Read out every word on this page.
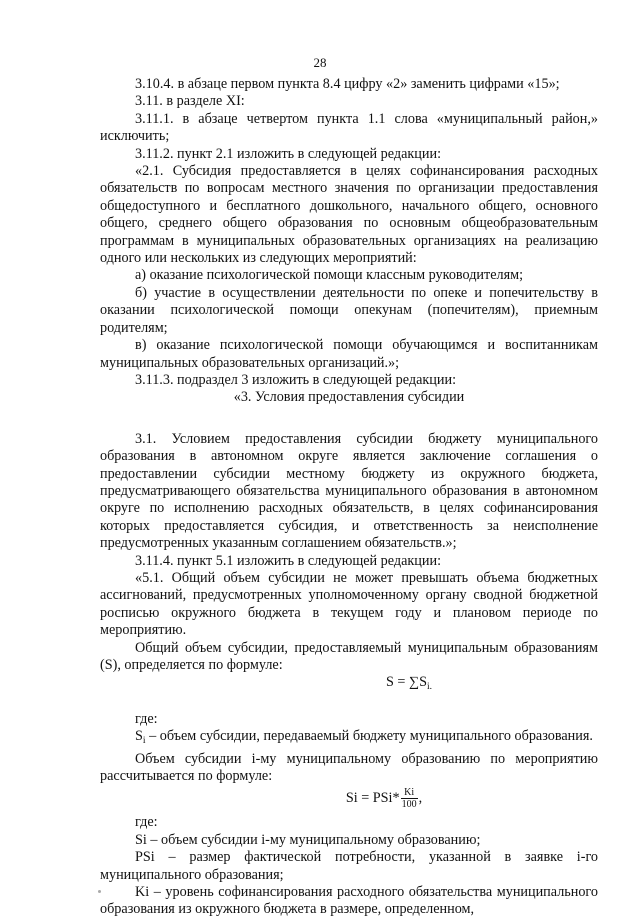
28

3.10.4. в абзаце первом пункта 8.4 цифру «2» заменить цифрами «15»;

3.11. в разделе XI:

3.11.1. в абзаце четвертом пункта 1.1 слова «муниципальный район,» исключить;

3.11.2. пункт 2.1 изложить в следующей редакции:

«2.1. Субсидия предоставляется в целях софинансирования расходных обязательств по вопросам местного значения по организации предоставления общедоступного и бесплатного дошкольного, начального общего, основного общего, среднего общего образования по основным общеобразовательным программам в муниципальных образовательных организациях на реализацию одного или нескольких из следующих мероприятий:

а) оказание психологической помощи классным руководителям;

б) участие в осуществлении деятельности по опеке и попечительству в оказании психологической помощи опекунам (попечителям), приемным родителям;

в) оказание психологической помощи обучающимся и воспитанникам муниципальных образовательных организаций.»;

3.11.3. подраздел 3 изложить в следующей редакции:

«3. Условия предоставления субсидии

3.1. Условием предоставления субсидии бюджету муниципального образования в автономном округе является заключение соглашения о предоставлении субсидии местному бюджету из окружного бюджета, предусматривающего обязательства муниципального образования в автономном округе по исполнению расходных обязательств, в целях софинансирования которых предоставляется субсидия, и ответственность за неисполнение предусмотренных указанным соглашением обязательств.»;

3.11.4. пункт 5.1 изложить в следующей редакции:

«5.1. Общий объем субсидии не может превышать объема бюджетных ассигнований, предусмотренных уполномоченному органу сводной бюджетной росписью окружного бюджета в текущем году и плановом периоде по мероприятию.

Общий объем субсидии, предоставляемый муниципальным образованиям (S), определяется по формуле:

$S = \sum S_{i.}$

где:

$S_i$ – объем субсидии, передаваемый бюджету муниципального образования.

Объем субсидии i-му муниципальному образованию по мероприятию рассчитывается по формуле:

$Si = PSi* \frac{Ki}{100}$ ,

где:

Si – объем субсидии i-му муниципальному образованию;

PSi – размер фактической потребности, указанной в заявке i-го муниципального образования;

Ki – уровень софинансирования расходного обязательства муниципального образования из окружного бюджета в размере, определенном,
